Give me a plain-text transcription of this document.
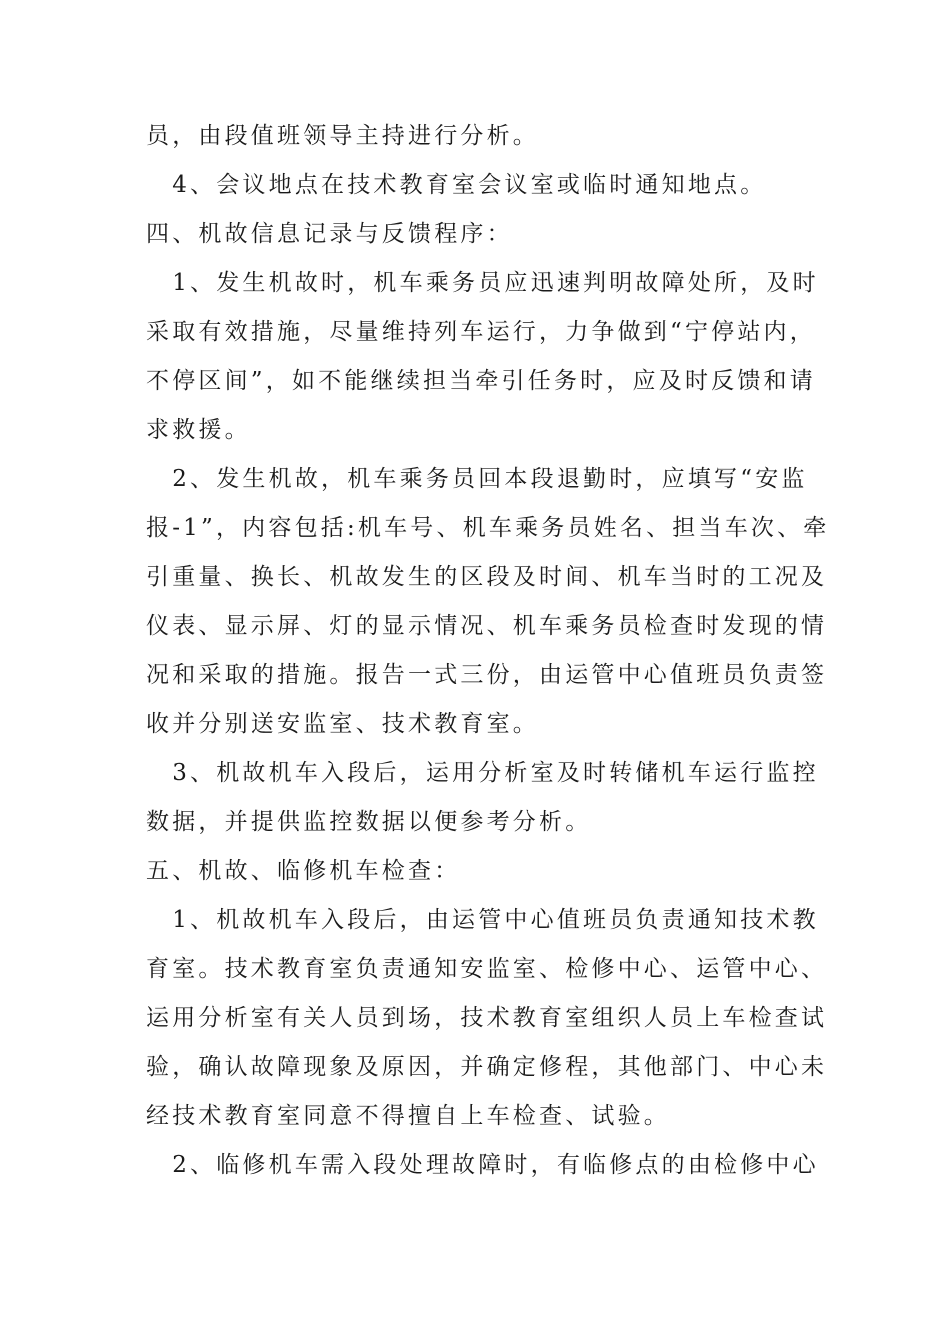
员，由段值班领导主持进行分析。
　4、会议地点在技术教育室会议室或临时通知地点。
四、机故信息记录与反馈程序：
　1、发生机故时，机车乘务员应迅速判明故障处所，及时
采取有效措施，尽量维持列车运行，力争做到“宁停站内，
不停区间”，如不能继续担当牵引任务时，应及时反馈和请
求救援。
　2、发生机故，机车乘务员回本段退勤时，应填写“安监
报-1”，内容包括:机车号、机车乘务员姓名、担当车次、牵
引重量、换长、机故发生的区段及时间、机车当时的工况及
仪表、显示屏、灯的显示情况、机车乘务员检查时发现的情
况和采取的措施。报告一式三份，由运管中心值班员负责签
收并分别送安监室、技术教育室。
　3、机故机车入段后，运用分析室及时转储机车运行监控
数据，并提供监控数据以便参考分析。
五、机故、临修机车检查：
　1、机故机车入段后，由运管中心值班员负责通知技术教
育室。技术教育室负责通知安监室、检修中心、运管中心、
运用分析室有关人员到场，技术教育室组织人员上车检查试
验，确认故障现象及原因，并确定修程，其他部门、中心未
经技术教育室同意不得擅自上车检查、试验。
　2、临修机车需入段处理故障时，有临修点的由检修中心
